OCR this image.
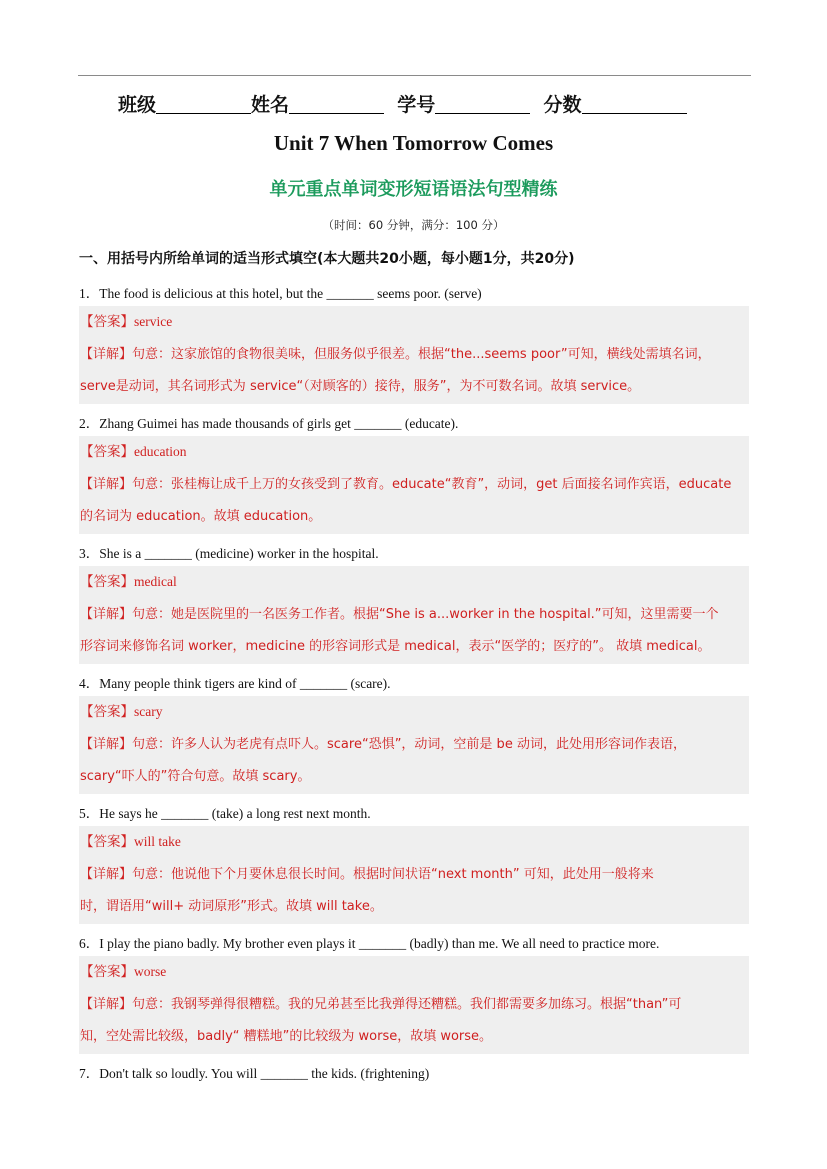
班级	姓名	学号	分数
Unit 7 When Tomorrow Comes
单元重点单词变形短语语法句型精练
（时间：60 分钟，满分：100 分）
一、用括号内所给单词的适当形式填空(本大题共20小题，每小题1分，共20分)
1．The food is delicious at this hotel, but the _______ seems poor. (serve)
【答案】service
【详解】句意：这家旅馆的食物很美味，但服务似乎很差。根据“the...seems poor”可知，横线处需填名词，
serve是动词，其名词形式为 service“（对顾客的）接待，服务”，为不可数名词。故填 service。
2．Zhang Guimei has made thousands of girls get _______ (educate).
【答案】education
【详解】句意：张桂梅让成千上万的女孩受到了教育。educate“教育”，动词，get 后面接名词作宾语，educate
的名词为 education。故填 education。
3．She is a _______ (medicine) worker in the hospital.
【答案】medical
【详解】句意：她是医院里的一名医务工作者。根据“She is a...worker in the hospital.”可知，这里需要一个
形容词来修饰名词 worker，medicine 的形容词形式是 medical，表示“医学的；医疗的”。 故填 medical。
4．Many people think tigers are kind of _______ (scare).
【答案】scary
【详解】句意：许多人认为老虎有点吓人。scare“恐惧”，动词，空前是 be 动词，此处用形容词作表语，
scary“吓人的”符合句意。故填 scary。
5．He says he _______ (take) a long rest next month.
【答案】will take
【详解】句意：他说他下个月要休息很长时间。根据时间状语“next month” 可知，此处用一般将来
时，谓语用“will+ 动词原形”形式。故填 will take。
6．I play the piano badly. My brother even plays it _______ (badly) than me. We all need to practice more.
【答案】worse
【详解】句意：我钢琴弹得很糟糕。我的兄弟甚至比我弹得还糟糕。我们都需要多加练习。根据“than”可
知，空处需比较级，badly“ 糟糕地”的比较级为 worse，故填 worse。
7．Don't talk so loudly. You will _______ the kids. (frightening)
